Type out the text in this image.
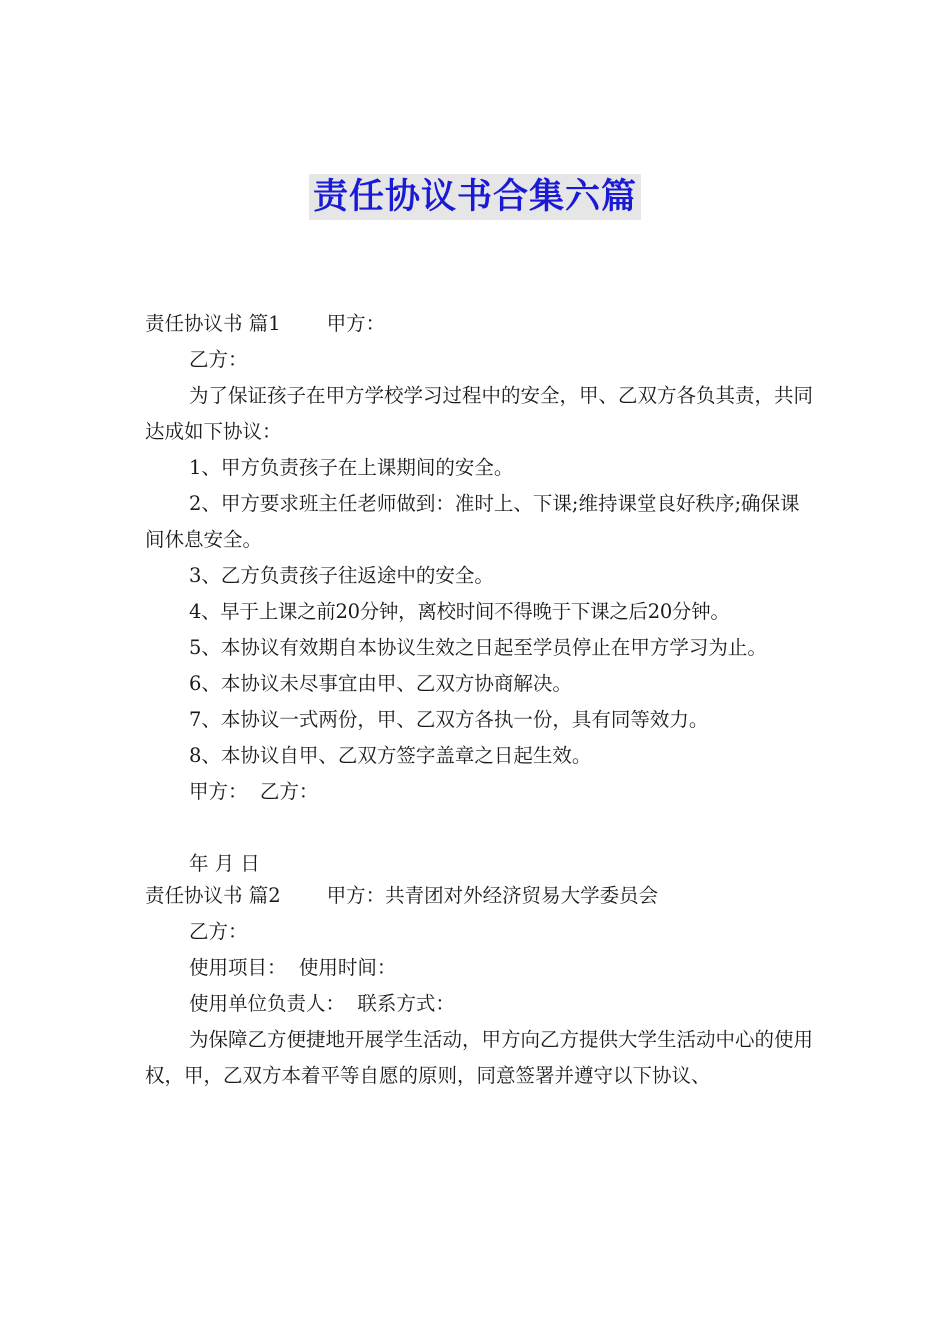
责任协议书合集六篇
责任协议书 篇1 甲方：
乙方：
为了保证孩子在甲方学校学习过程中的安全，甲、乙双方各负其责，共同达成如下协议：
1、甲方负责孩子在上课期间的安全。
2、甲方要求班主任老师做到：准时上、下课;维持课堂良好秩序;确保课间休息安全。
3、乙方负责孩子往返途中的安全。
4、早于上课之前20分钟，离校时间不得晚于下课之后20分钟。
5、本协议有效期自本协议生效之日起至学员停止在甲方学习为止。
6、本协议未尽事宜由甲、乙双方协商解决。
7、本协议一式两份，甲、乙双方各执一份，具有同等效力。
8、本协议自甲、乙双方签字盖章之日起生效。
甲方：  乙方：
年 月 日
责任协议书 篇2 甲方：共青团对外经济贸易大学委员会
乙方：
使用项目：  使用时间：
使用单位负责人：  联系方式：
为保障乙方便捷地开展学生活动，甲方向乙方提供大学生活动中心的使用权，甲，乙双方本着平等自愿的原则，同意签署并遵守以下协议、
